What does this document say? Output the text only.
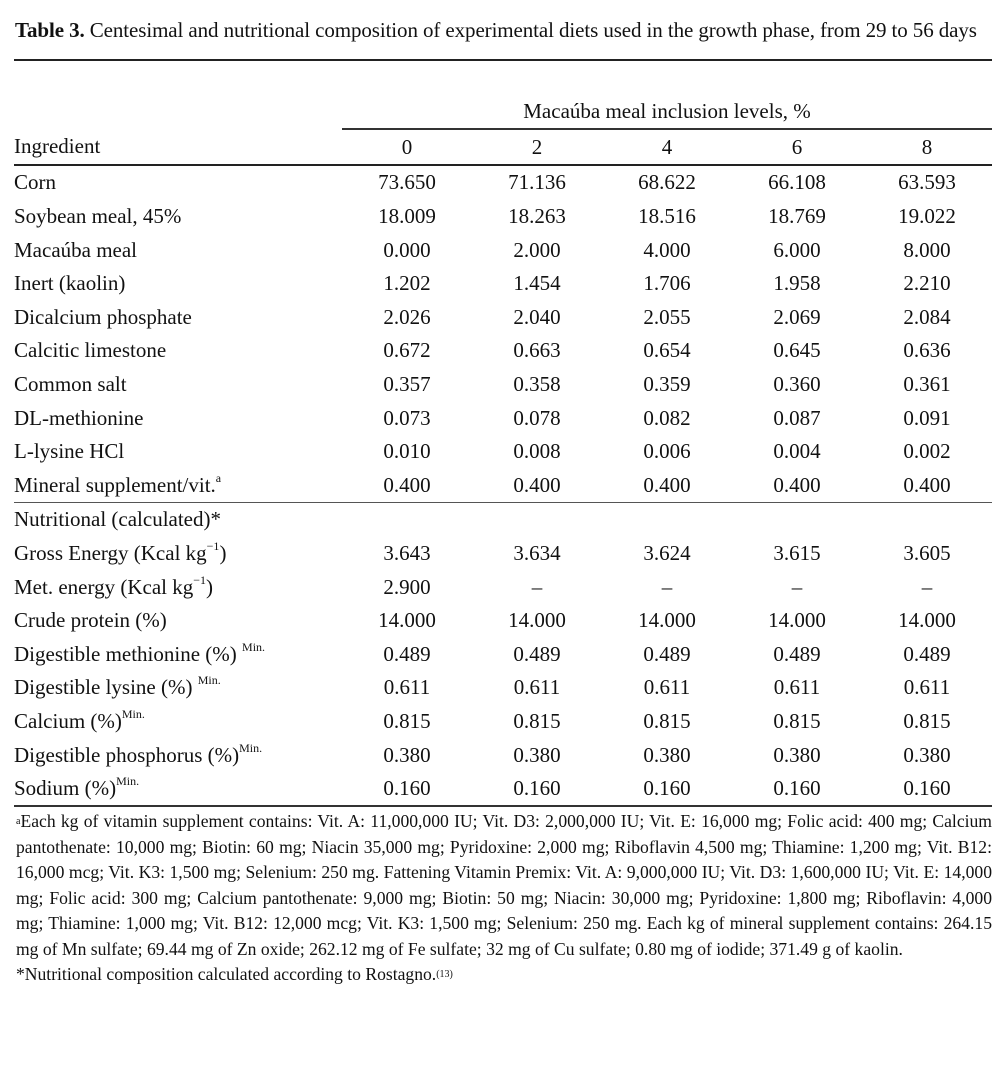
Table 3. Centesimal and nutritional composition of experimental diets used in the growth phase, from 29 to 56 days

	Macaúba meal inclusion levels, %				
Ingredient	0	2	4	6	8
Corn	73.650	71.136	68.622	66.108	63.593
Soybean meal, 45%	18.009	18.263	18.516	18.769	19.022
Macaúba meal	0.000	2.000	4.000	6.000	8.000
Inert (kaolin)	1.202	1.454	1.706	1.958	2.210
Dicalcium phosphate	2.026	2.040	2.055	2.069	2.084
Calcitic limestone	0.672	0.663	0.654	0.645	0.636
Common salt	0.357	0.358	0.359	0.360	0.361
DL-methionine	0.073	0.078	0.082	0.087	0.091
L-lysine HCl	0.010	0.008	0.006	0.004	0.002
Mineral supplement/vit.$^a$	0.400	0.400	0.400	0.400	0.400
Nutritional (calculated)*					
Gross Energy (Kcal $kg^{-1}$)	3.643	3.634	3.624	3.615	3.605
Met. energy (Kcal $kg^{-1}$)	2.900	–	–	–	–
Crude protein (%)	14.000	14.000	14.000	14.000	14.000
Digestible methionine (%) $^{Min.}$	0.489	0.489	0.489	0.489	0.489
Digestible lysine (%) $^{Min.}$	0.611	0.611	0.611	0.611	0.611
Calcium (%)$^{Min.}$	0.815	0.815	0.815	0.815	0.815
Digestible phosphorus (%)$^{Min.}$	0.380	0.380	0.380	0.380	0.380
Sodium (%)$^{Min.}$	0.160	0.160	0.160	0.160	0.160

$^a$Each kg of vitamin supplement contains: Vit. A: 11,000,000 IU; Vit. D3: 2,000,000 IU; Vit. E: 16,000 mg; Folic acid: 400 mg; Calcium pantothenate: 10,000 mg; Biotin: 60 mg; Niacin 35,000 mg; Pyridoxine: 2,000 mg; Riboflavin 4,500 mg; Thiamine: 1,200 mg; Vit. B12: 16,000 mcg; Vit. K3: 1,500 mg; Selenium: 250 mg. Fattening Vitamin Premix: Vit. A: 9,000,000 IU; Vit. D3: 1,600,000 IU; Vit. E: 14,000 mg; Folic acid: 300 mg; Calcium pantothenate: 9,000 mg; Biotin: 50 mg; Niacin: 30,000 mg; Pyridoxine: 1,800 mg; Riboflavin: 4,000 mg; Thiamine: 1,000 mg; Vit. B12: 12,000 mcg; Vit. K3: 1,500 mg; Selenium: 250 mg. Each kg of mineral supplement contains: 264.15 mg of Mn sulfate; 69.44 mg of Zn oxide; 262.12 mg of Fe sulfate; 32 mg of Cu sulfate; 0.80 mg of iodide; 371.49 g of kaolin.

*Nutritional composition calculated according to Rostagno.$^{(13)}$
